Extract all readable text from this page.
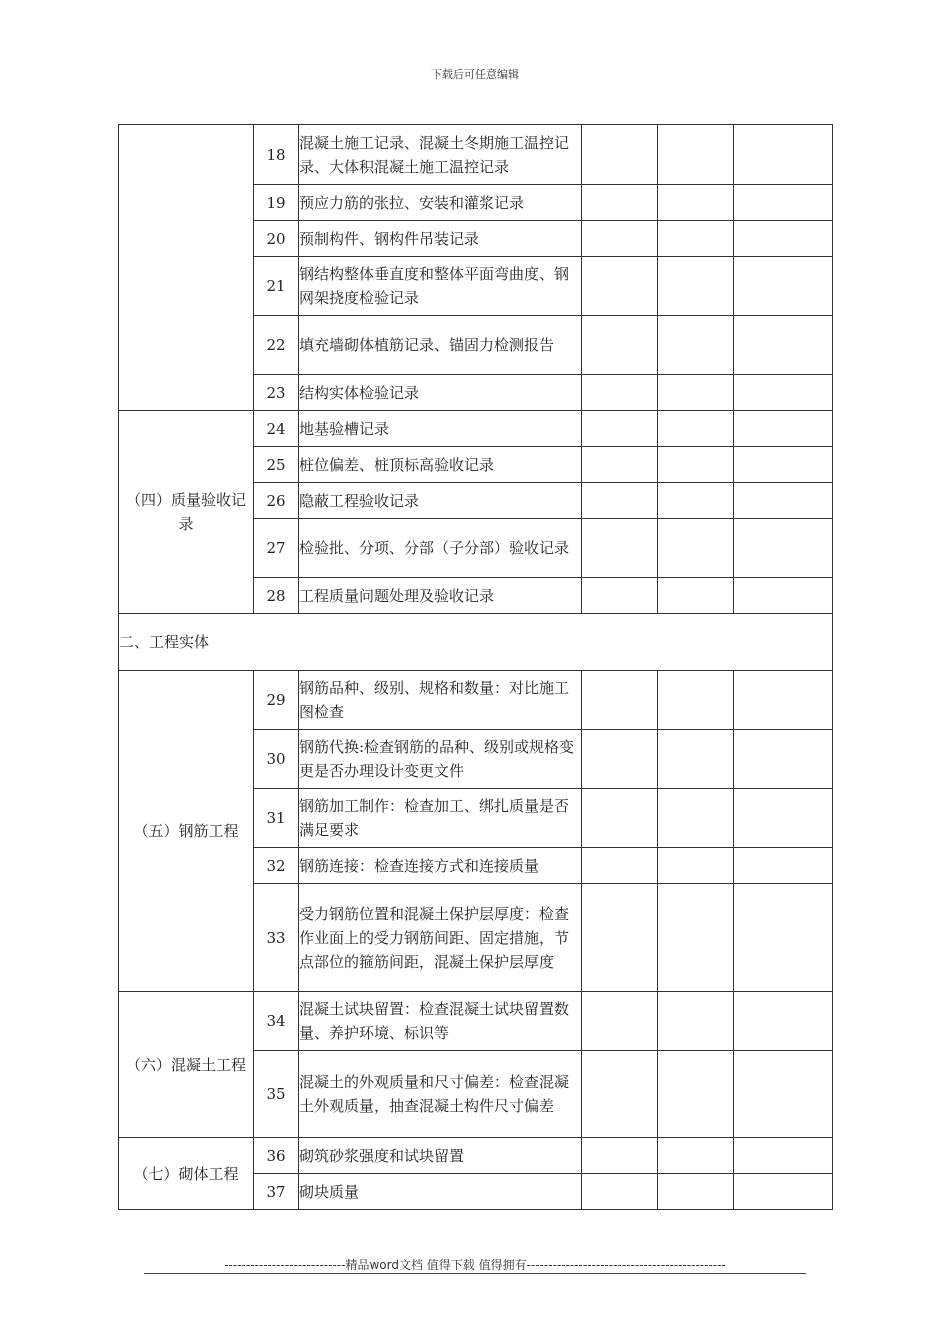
下载后可任意编辑
	18	混凝土施工记录、混凝土冬期施工温控记录、大体积混凝土施工温控记录			

	19	预应力筋的张拉、安装和灌浆记录			
	20	预制构件、钢构件吊装记录			
	21	钢结构整体垂直度和整体平面弯曲度、钢网架挠度检验记录			
	22	填充墙砌体植筋记录、锚固力检测报告			
	23	结构实体检验记录			
（四）质量验收记录	24	地基验槽记录			
	25	桩位偏差、桩顶标高验收记录			
	26	隐蔽工程验收记录			
	27	检验批、分项、分部（子分部）验收记录			
	28	工程质量问题处理及验收记录			
二、工程实体					
（五）钢筋工程	29	钢筋品种、级别、规格和数量：对比施工图检查			
	30	钢筋代换:检查钢筋的品种、级别或规格变更是否办理设计变更文件			
	31	钢筋加工制作：检查加工、绑扎质量是否满足要求			
	32	钢筋连接：检查连接方式和连接质量			

	33	受力钢筋位置和混凝土保护层厚度：检查作业面上的受力钢筋间距、固定措施，节点部位的箍筋间距，混凝土保护层厚度			
（六）混凝土工程	34	混凝土试块留置：检查混凝土试块留置数量、养护环境、标识等			
	35	混凝土的外观质量和尺寸偏差：检查混凝土外观质量，抽查混凝土构件尺寸偏差			
（七）砌体工程	36	砌筑砂浆强度和试块留置			
	37	砌块质量			
----------------------------精品word文档 值得下载 值得拥有----------------------------------------------
